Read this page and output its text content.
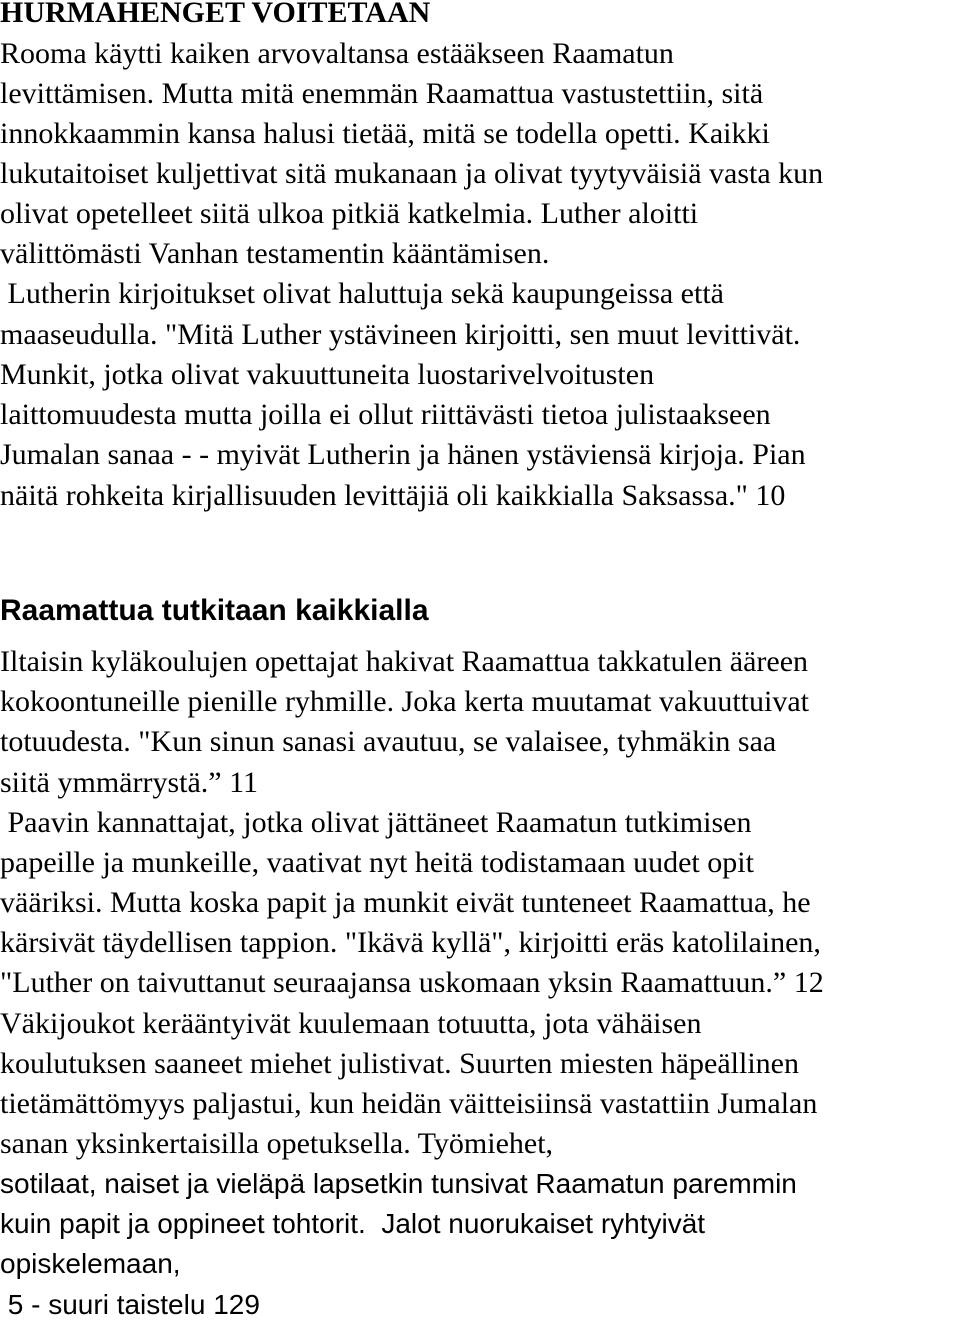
HURMAHENGET VOITETAAN

Rooma käytti kaiken arvovaltansa estääkseen Raamatun

levittämisen. Mutta mitä enemmän Raamattua vastustettiin, sitä

innokkaammin kansa halusi tietää, mitä se todella opetti. Kaikki

lukutaitoiset kuljettivat sitä mukanaan ja olivat tyytyväisiä vasta kun

olivat opetelleet siitä ulkoa pitkiä katkelmia. Luther aloitti

välittömästi Vanhan testamentin kääntämisen.

Lutherin kirjoitukset olivat haluttuja sekä kaupungeissa että

maaseudulla. "Mitä Luther ystävineen kirjoitti, sen muut levittivät.

Munkit, jotka olivat vakuuttuneita luostarivelvoitusten

laittomuudesta mutta joilla ei ollut riittävästi tietoa julistaakseen

Jumalan sanaa - - myivät Lutherin ja hänen ystäviensä kirjoja. Pian

näitä rohkeita kirjallisuuden levittäjiä oli kaikkialla Saksassa." 10

Raamattua tutkitaan kaikkialla

Iltaisin kyläkoulujen opettajat hakivat Raamattua takkatulen ääreen

kokoontuneille pienille ryhmille. Joka kerta muutamat vakuuttuivat

totuudesta. "Kun sinun sanasi avautuu, se valaisee, tyhmäkin saa

siitä ymmärrystä.” 11

Paavin kannattajat, jotka olivat jättäneet Raamatun tutkimisen

papeille ja munkeille, vaativat nyt heitä todistamaan uudet opit

vääriksi. Mutta koska papit ja munkit eivät tunteneet Raamattua, he

kärsivät täydellisen tappion. "Ikävä kyllä", kirjoitti eräs katolilainen,

"Luther on taivuttanut seuraajansa uskomaan yksin Raamattuun.” 12

Väkijoukot kerääntyivät kuulemaan totuutta, jota vähäisen

koulutuksen saaneet miehet julistivat. Suurten miesten häpeällinen

tietämättömyys paljastui, kun heidän väitteisiinsä vastattiin Jumalan

sanan yksinkertaisilla opetuksella. Työmiehet,

sotilaat, naiset ja vieläpä lapsetkin tunsivat Raamatun paremmin

kuin papit ja oppineet tohtorit.  Jalot nuorukaiset ryhtyivät

opiskelemaan,

5 - suuri taistelu 129
